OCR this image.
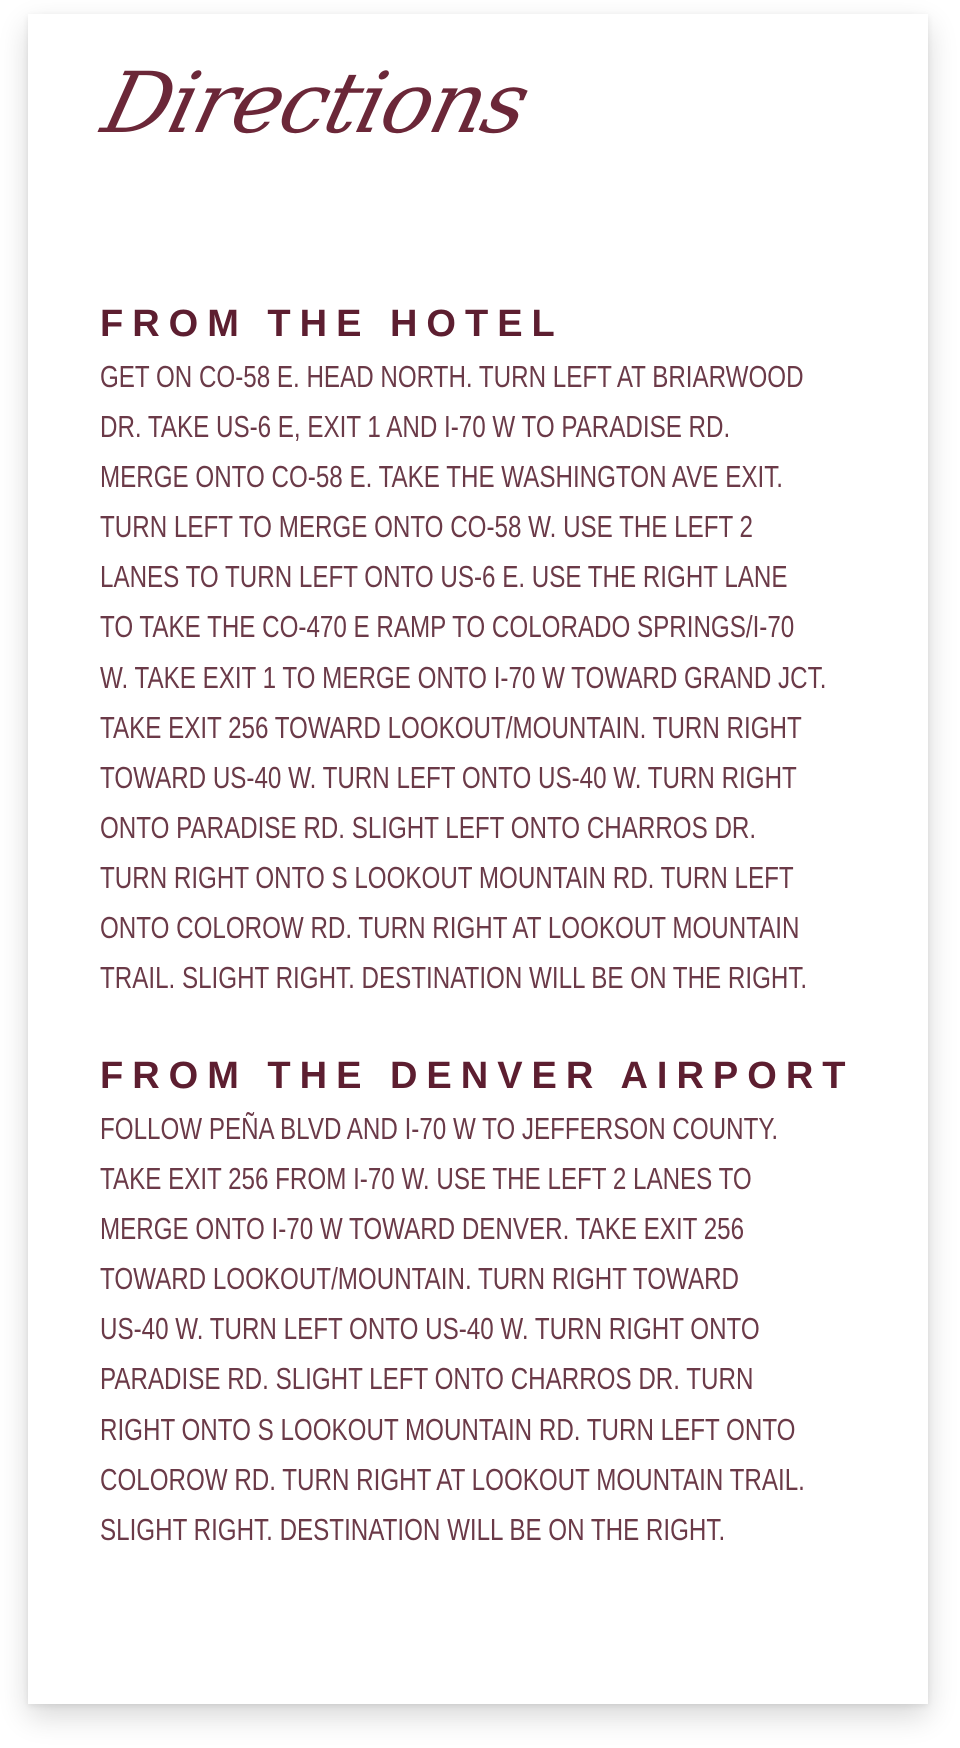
Directions
FROM THE HOTEL
GET ON CO-58 E. HEAD NORTH. TURN LEFT AT BRIARWOOD
DR. TAKE US-6 E, EXIT 1 AND I-70 W TO PARADISE RD.
MERGE ONTO CO-58 E. TAKE THE WASHINGTON AVE EXIT.
TURN LEFT TO MERGE ONTO CO-58 W. USE THE LEFT 2
LANES TO TURN LEFT ONTO US-6 E. USE THE RIGHT LANE
TO TAKE THE CO-470 E RAMP TO COLORADO SPRINGS/I-70
W. TAKE EXIT 1 TO MERGE ONTO I-70 W TOWARD GRAND JCT.
TAKE EXIT 256 TOWARD LOOKOUT/MOUNTAIN. TURN RIGHT
TOWARD US-40 W. TURN LEFT ONTO US-40 W. TURN RIGHT
ONTO PARADISE RD. SLIGHT LEFT ONTO CHARROS DR.
TURN RIGHT ONTO S LOOKOUT MOUNTAIN RD. TURN LEFT
ONTO COLOROW RD. TURN RIGHT AT LOOKOUT MOUNTAIN
TRAIL. SLIGHT RIGHT. DESTINATION WILL BE ON THE RIGHT.
FROM THE DENVER AIRPORT
FOLLOW PEÑA BLVD AND I-70 W TO JEFFERSON COUNTY.
TAKE EXIT 256 FROM I-70 W. USE THE LEFT 2 LANES TO
MERGE ONTO I-70 W TOWARD DENVER. TAKE EXIT 256
TOWARD LOOKOUT/MOUNTAIN. TURN RIGHT TOWARD
US-40 W. TURN LEFT ONTO US-40 W. TURN RIGHT ONTO
PARADISE RD. SLIGHT LEFT ONTO CHARROS DR. TURN
RIGHT ONTO S LOOKOUT MOUNTAIN RD. TURN LEFT ONTO
COLOROW RD. TURN RIGHT AT LOOKOUT MOUNTAIN TRAIL.
SLIGHT RIGHT. DESTINATION WILL BE ON THE RIGHT.
